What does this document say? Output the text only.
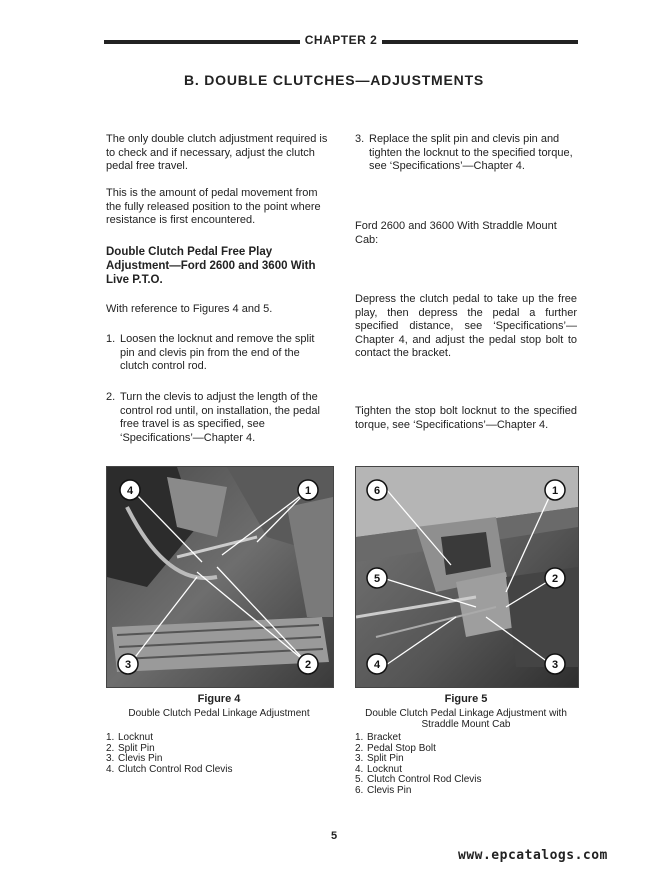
CHAPTER 2
B. DOUBLE CLUTCHES—ADJUSTMENTS
The only double clutch adjustment required is to check and if necessary, adjust the clutch pedal free travel.
This is the amount of pedal movement from the fully released position to the point where resistance is first encountered.
Double Clutch Pedal Free Play Adjustment—Ford 2600 and 3600 With Live P.T.O.
With reference to Figures 4 and 5.
1. Loosen the locknut and remove the split pin and clevis pin from the end of the clutch control rod.
2. Turn the clevis to adjust the length of the control rod until, on installation, the pedal free travel is as specified, see ‘Specifications’—Chapter 4.
3. Replace the split pin and clevis pin and tighten the locknut to the specified torque, see ‘Specifications’—Chapter 4.
Ford 2600 and 3600 With Straddle Mount Cab:
Depress the clutch pedal to take up the free play, then depress the pedal a further specified distance, see ‘Specifications’—Chapter 4, and adjust the pedal stop bolt to contact the bracket.
Tighten the stop bolt locknut to the specified torque, see ‘Specifications’—Chapter 4.
4	1
3	2
6	1
5	2
4	3
Figure 4
Double Clutch Pedal Linkage Adjustment
1. Locknut
2. Split Pin
3. Clevis Pin
4. Clutch Control Rod Clevis
Figure 5
Double Clutch Pedal Linkage Adjustment with
Straddle Mount Cab
1. Bracket
2. Pedal Stop Bolt
3. Split Pin
4. Locknut
5. Clutch Control Rod Clevis
6. Clevis Pin
5
www.epcatalogs.com
